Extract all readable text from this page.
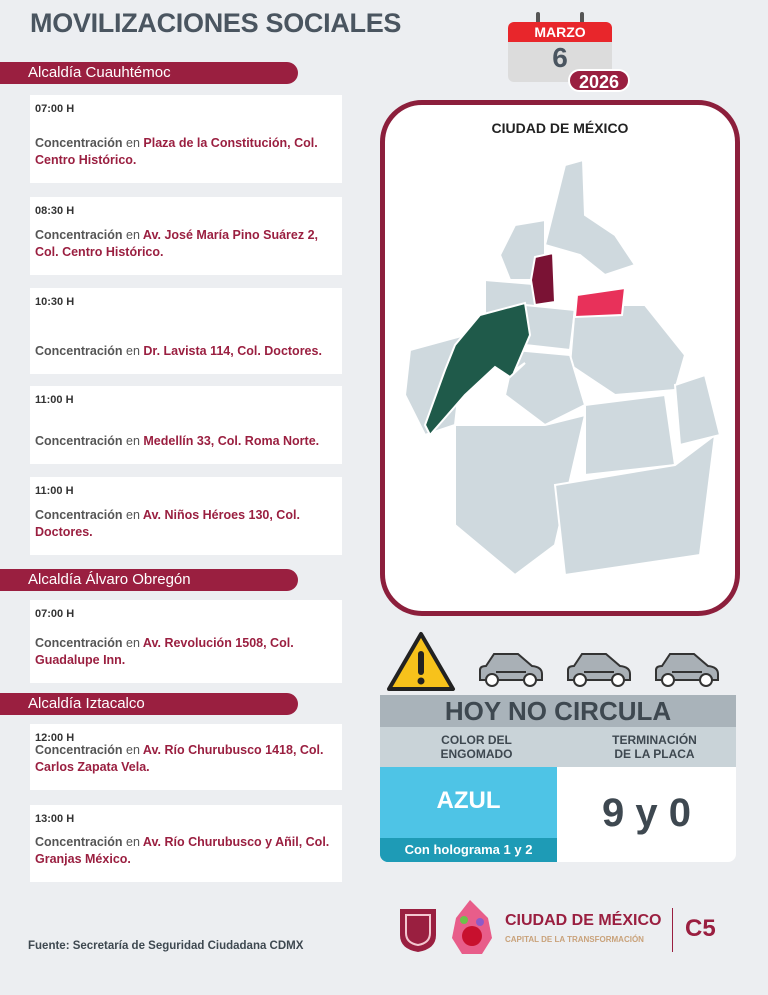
MOVILIZACIONES SOCIALES	MARZO
6
2026
Alcaldía Cuauhtémoc
07:00 H
Concentración en Plaza de la Constitución, Col. Centro Histórico.
08:30 H
Concentración en Av. José María Pino Suárez 2, Col. Centro Histórico.
10:30 H
Concentración en Dr. Lavista 114, Col. Doctores.
11:00 H
Concentración en Medellín 33, Col. Roma Norte.
11:00 H
Concentración en Av. Niños Héroes 130, Col. Doctores.
Alcaldía Álvaro Obregón
07:00 H
Concentración en Av. Revolución 1508, Col. Guadalupe Inn.
Alcaldía Iztacalco
12:00 H
Concentración en Av. Río Churubusco 1418, Col. Carlos Zapata Vela.
13:00 H
Concentración en Av. Río Churubusco y Añil, Col. Granjas México.
CIUDAD DE MÉXICO
HOY NO CIRCULA
COLOR DEL ENGOMADO
TERMINACIÓN DE LA PLACA
AZUL
Con holograma 1 y 2
9 y 0
CIUDAD DE MÉXICO
CAPITAL DE LA TRANSFORMACIÓN C5
Fuente: Secretaría de Seguridad Ciudadana CDMX
